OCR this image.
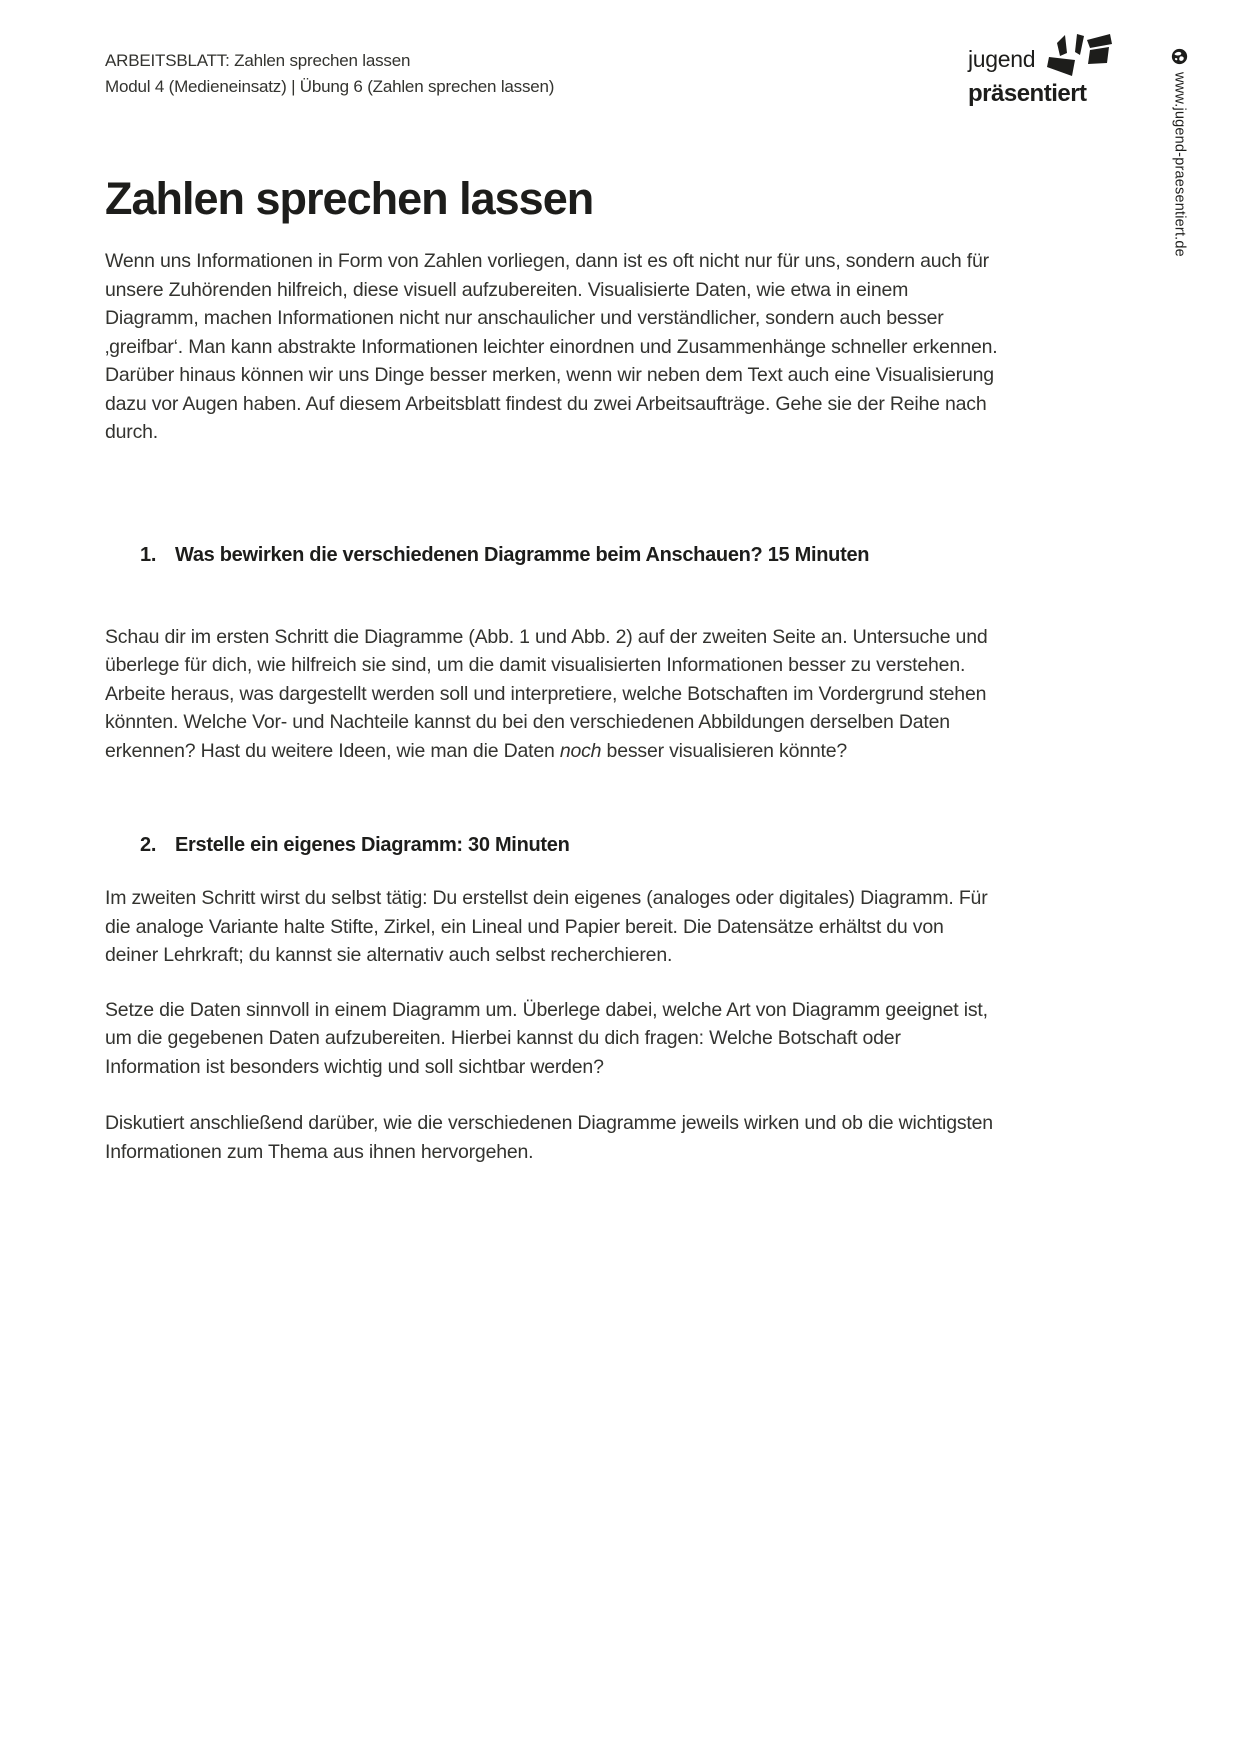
ARBEITSBLATT: Zahlen sprechen lassen
Modul 4 (Medieneinsatz) | Übung 6 (Zahlen sprechen lassen)
jugend
präsentiert	www.jugend-praesentiert.de
Zahlen sprechen lassen

Wenn uns Informationen in Form von Zahlen vorliegen, dann ist es oft nicht nur für uns, sondern auch für unsere Zuhörenden hilfreich, diese visuell aufzubereiten. Visualisierte Daten, wie etwa in einem Diagramm, machen Informationen nicht nur anschaulicher und verständlicher, sondern auch besser ‚greifbar‘. Man kann abstrakte Informationen leichter einordnen und Zusammenhänge schneller erkennen. Darüber hinaus können wir uns Dinge besser merken, wenn wir neben dem Text auch eine Visualisierung dazu vor Augen haben. Auf diesem Arbeitsblatt findest du zwei Arbeitsaufträge. Gehe sie der Reihe nach durch.

1. Was bewirken die verschiedenen Diagramme beim Anschauen? 15 Minuten

Schau dir im ersten Schritt die Diagramme (Abb. 1 und Abb. 2) auf der zweiten Seite an. Untersuche und überlege für dich, wie hilfreich sie sind, um die damit visualisierten Informationen besser zu verstehen. Arbeite heraus, was dargestellt werden soll und interpretiere, welche Botschaften im Vordergrund stehen könnten. Welche Vor- und Nachteile kannst du bei den verschiedenen Abbildungen derselben Daten erkennen? Hast du weitere Ideen, wie man die Daten noch besser visualisieren könnte?

2. Erstelle ein eigenes Diagramm: 30 Minuten

Im zweiten Schritt wirst du selbst tätig: Du erstellst dein eigenes (analoges oder digitales) Diagramm. Für die analoge Variante halte Stifte, Zirkel, ein Lineal und Papier bereit. Die Datensätze erhältst du von deiner Lehrkraft; du kannst sie alternativ auch selbst recherchieren.

Setze die Daten sinnvoll in einem Diagramm um. Überlege dabei, welche Art von Diagramm geeignet ist, um die gegebenen Daten aufzubereiten. Hierbei kannst du dich fragen: Welche Botschaft oder Information ist besonders wichtig und soll sichtbar werden?

Diskutiert anschließend darüber, wie die verschiedenen Diagramme jeweils wirken und ob die wichtigsten Informationen zum Thema aus ihnen hervorgehen.
